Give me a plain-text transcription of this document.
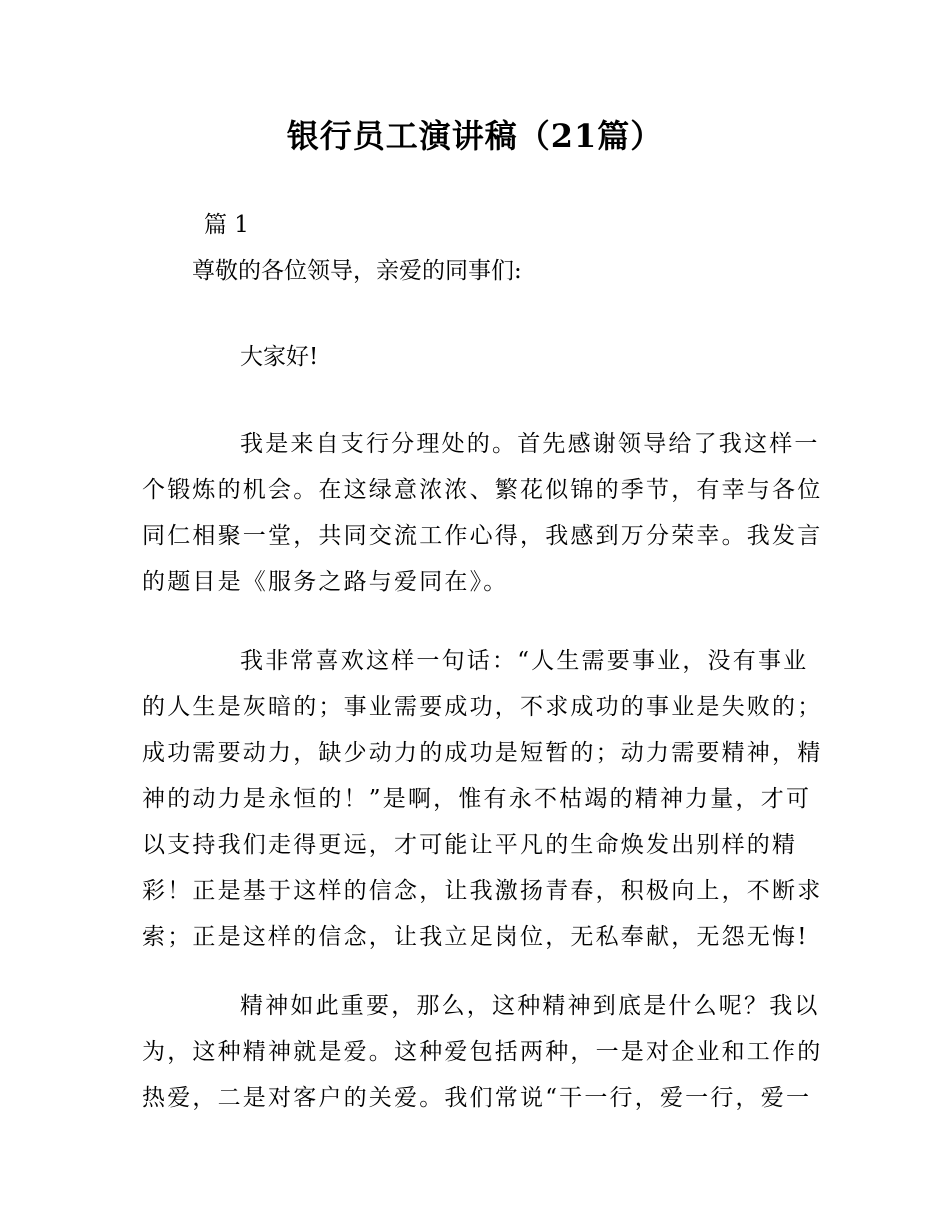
银行员工演讲稿（21篇）
篇 1
尊敬的各位领导，亲爱的同事们:
大家好!
我是来自支行分理处的。首先感谢领导给了我这样一
个锻炼的机会。在这绿意浓浓、繁花似锦的季节，有幸与各位
同仁相聚一堂，共同交流工作心得，我感到万分荣幸。我发言
的题目是《服务之路与爱同在》。
我非常喜欢这样一句话：“人生需要事业，没有事业
的人生是灰暗的；事业需要成功，不求成功的事业是失败的；
成功需要动力，缺少动力的成功是短暂的；动力需要精神，精
神的动力是永恒的！”是啊，惟有永不枯竭的精神力量，才可
以支持我们走得更远，才可能让平凡的生命焕发出别样的精
彩！正是基于这样的信念，让我激扬青春，积极向上，不断求
索；正是这样的信念，让我立足岗位，无私奉献，无怨无悔!
精神如此重要，那么，这种精神到底是什么呢？我以
为，这种精神就是爱。这种爱包括两种，一是对企业和工作的
热爱，二是对客户的关爱。我们常说“干一行，爱一行，爱一
